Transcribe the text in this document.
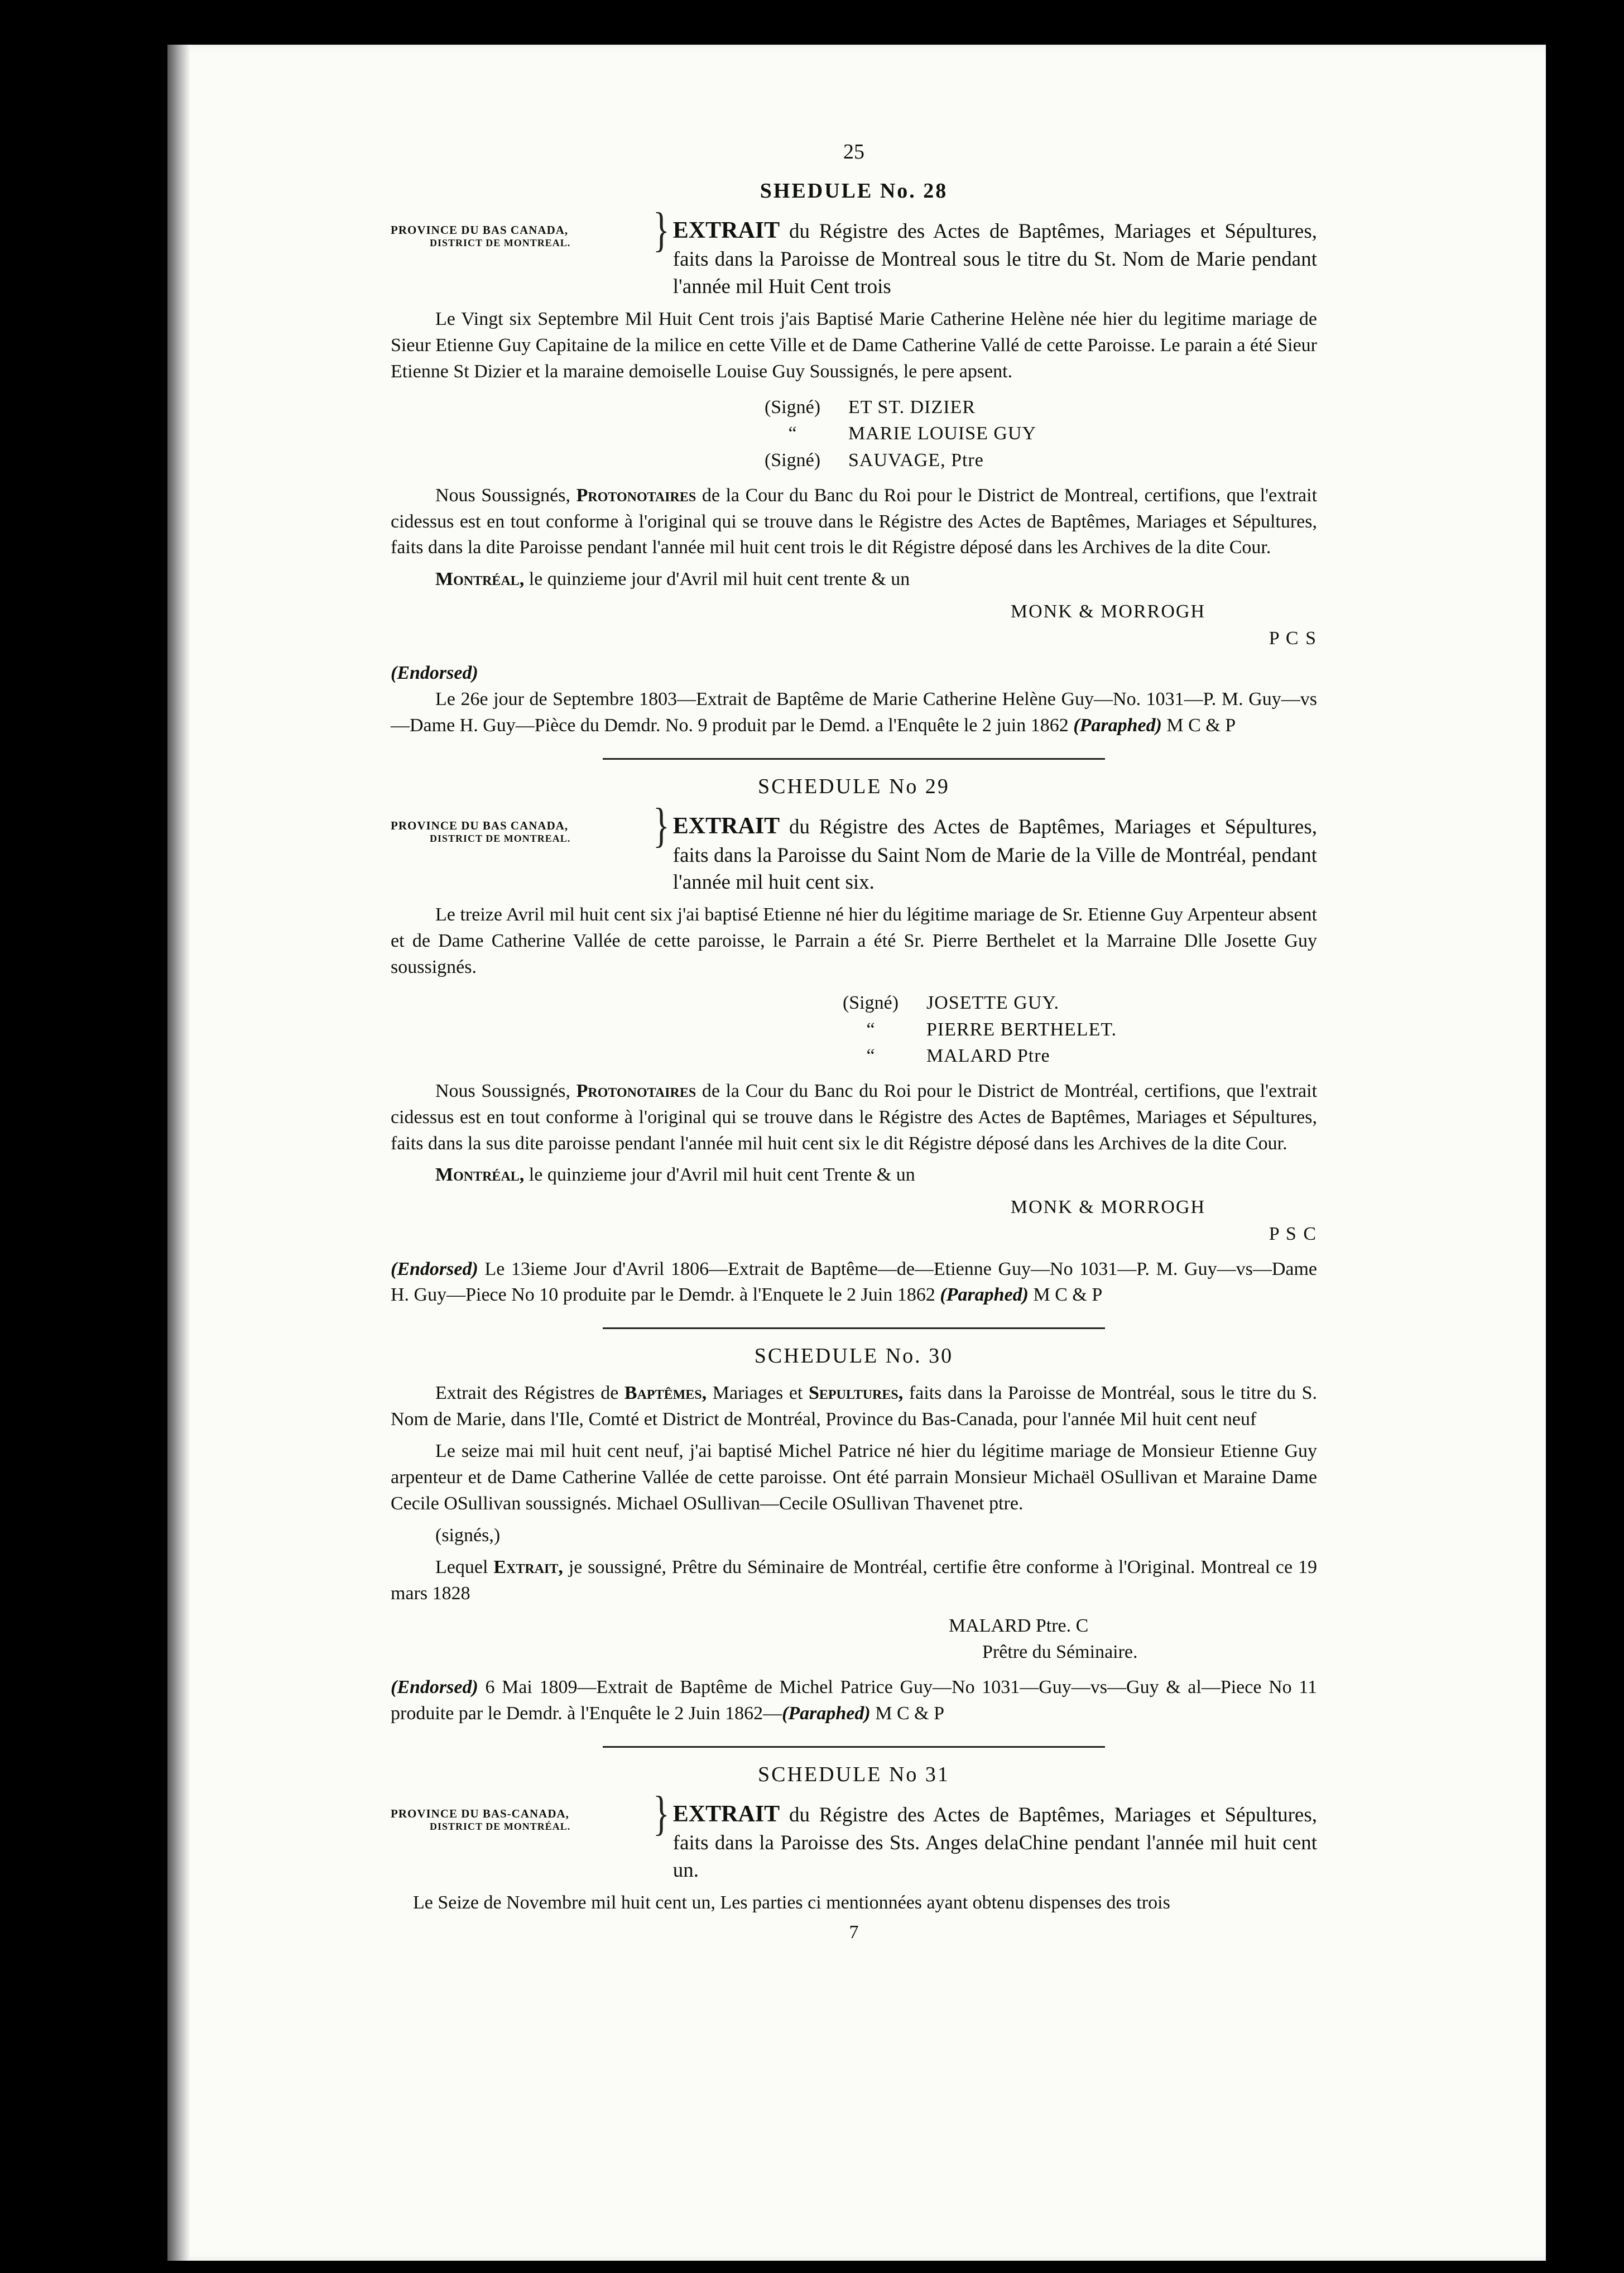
25
SHEDULE No. 28
PROVINCE DU BAS CANADA,
DISTRICT DE MONTREAL.	} EXTRAIT du Régistre des Actes de Baptêmes, Mariages et Sépultures, faits dans la Paroisse de Montreal sous le titre du St. Nom de Marie pendant l'année mil Huit Cent trois

Le Vingt six Septembre Mil Huit Cent trois j'ais Baptisé Marie Catherine Helène née hier du legitime mariage de Sieur Etienne Guy Capitaine de la milice en cette Ville et de Dame Catherine Vallé de cette Paroisse. Le parain a été Sieur Etienne St Dizier et la maraine demoiselle Louise Guy Soussignés, le pere apsent.

(Signé)	ET ST. DIZIER
“	MARIE LOUISE GUY
(Signé)	SAUVAGE, Ptre

Nous Soussignés, Protonotaires de la Cour du Banc du Roi pour le District de Montreal, certifions, que l'extrait cidessus est en tout conforme à l'original qui se trouve dans le Régistre des Actes de Baptêmes, Mariages et Sépultures, faits dans la dite Paroisse pendant l'année mil huit cent trois le dit Régistre déposé dans les Archives de la dite Cour.

Montréal, le quinzieme jour d'Avril mil huit cent trente & un

MONK & MORROGH
P C S

(Endorsed)
Le 26e jour de Septembre 1803—Extrait de Baptême de Marie Catherine Helène Guy—No. 1031—P. M. Guy—vs—Dame H. Guy—Pièce du Demdr. No. 9 produit par le Demd. a l'Enquête le 2 juin 1862 (Paraphed) M C & P

SCHEDULE No 29
PROVINCE DU BAS CANADA,
DISTRICT DE MONTREAL.	} EXTRAIT du Régistre des Actes de Baptêmes, Mariages et Sépultures, faits dans la Paroisse du Saint Nom de Marie de la Ville de Montréal, pendant l'année mil huit cent six.

Le treize Avril mil huit cent six j'ai baptisé Etienne né hier du légitime mariage de Sr. Etienne Guy Arpenteur absent et de Dame Catherine Vallée de cette paroisse, le Parrain a été Sr. Pierre Berthelet et la Marraine Dlle Josette Guy soussignés.

(Signé)	JOSETTE GUY.
“	PIERRE BERTHELET.
“	MALARD Ptre

Nous Soussignés, Protonotaires de la Cour du Banc du Roi pour le District de Montréal, certifions, que l'extrait cidessus est en tout conforme à l'original qui se trouve dans le Régistre des Actes de Baptêmes, Mariages et Sépultures, faits dans la sus dite paroisse pendant l'année mil huit cent six le dit Régistre déposé dans les Archives de la dite Cour.

Montréal, le quinzieme jour d'Avril mil huit cent Trente & un

MONK & MORROGH
P S C

(Endorsed) Le 13ieme Jour d'Avril 1806—Extrait de Baptême—de—Etienne Guy—No 1031—P. M. Guy—vs—Dame H. Guy—Piece No 10 produite par le Demdr. à l'Enquete le 2 Juin 1862 (Paraphed) M C & P

SCHEDULE No. 30

Extrait des Régistres de Baptêmes, Mariages et Sepultures, faits dans la Paroisse de Montréal, sous le titre du S. Nom de Marie, dans l'Ile, Comté et District de Montréal, Province du Bas-Canada, pour l'année Mil huit cent neuf

Le seize mai mil huit cent neuf, j'ai baptisé Michel Patrice né hier du légitime mariage de Monsieur Etienne Guy arpenteur et de Dame Catherine Vallée de cette paroisse. Ont été parrain Monsieur Michaël OSullivan et Maraine Dame Cecile OSullivan soussignés. Michael OSullivan—Cecile OSullivan Thavenet ptre.

(signés,)

Lequel Extrait, je soussigné, Prêtre du Séminaire de Montréal, certifie être conforme à l'Original. Montreal ce 19 mars 1828

MALARD Ptre. C
Prêtre du Séminaire.

(Endorsed) 6 Mai 1809—Extrait de Baptême de Michel Patrice Guy—No 1031—Guy—vs—Guy & al—Piece No 11 produite par le Demdr. à l'Enquête le 2 Juin 1862—(Paraphed) M C & P

SCHEDULE No 31
PROVINCE DU BAS-CANADA,
DISTRICT DE MONTRÉAL.	} EXTRAIT du Régistre des Actes de Baptêmes, Mariages et Sépultures, faits dans la Paroisse des Sts. Anges delaChine pendant l'année mil huit cent un.

Le Seize de Novembre mil huit cent un, Les parties ci mentionnées ayant obtenu dispenses des trois

7
